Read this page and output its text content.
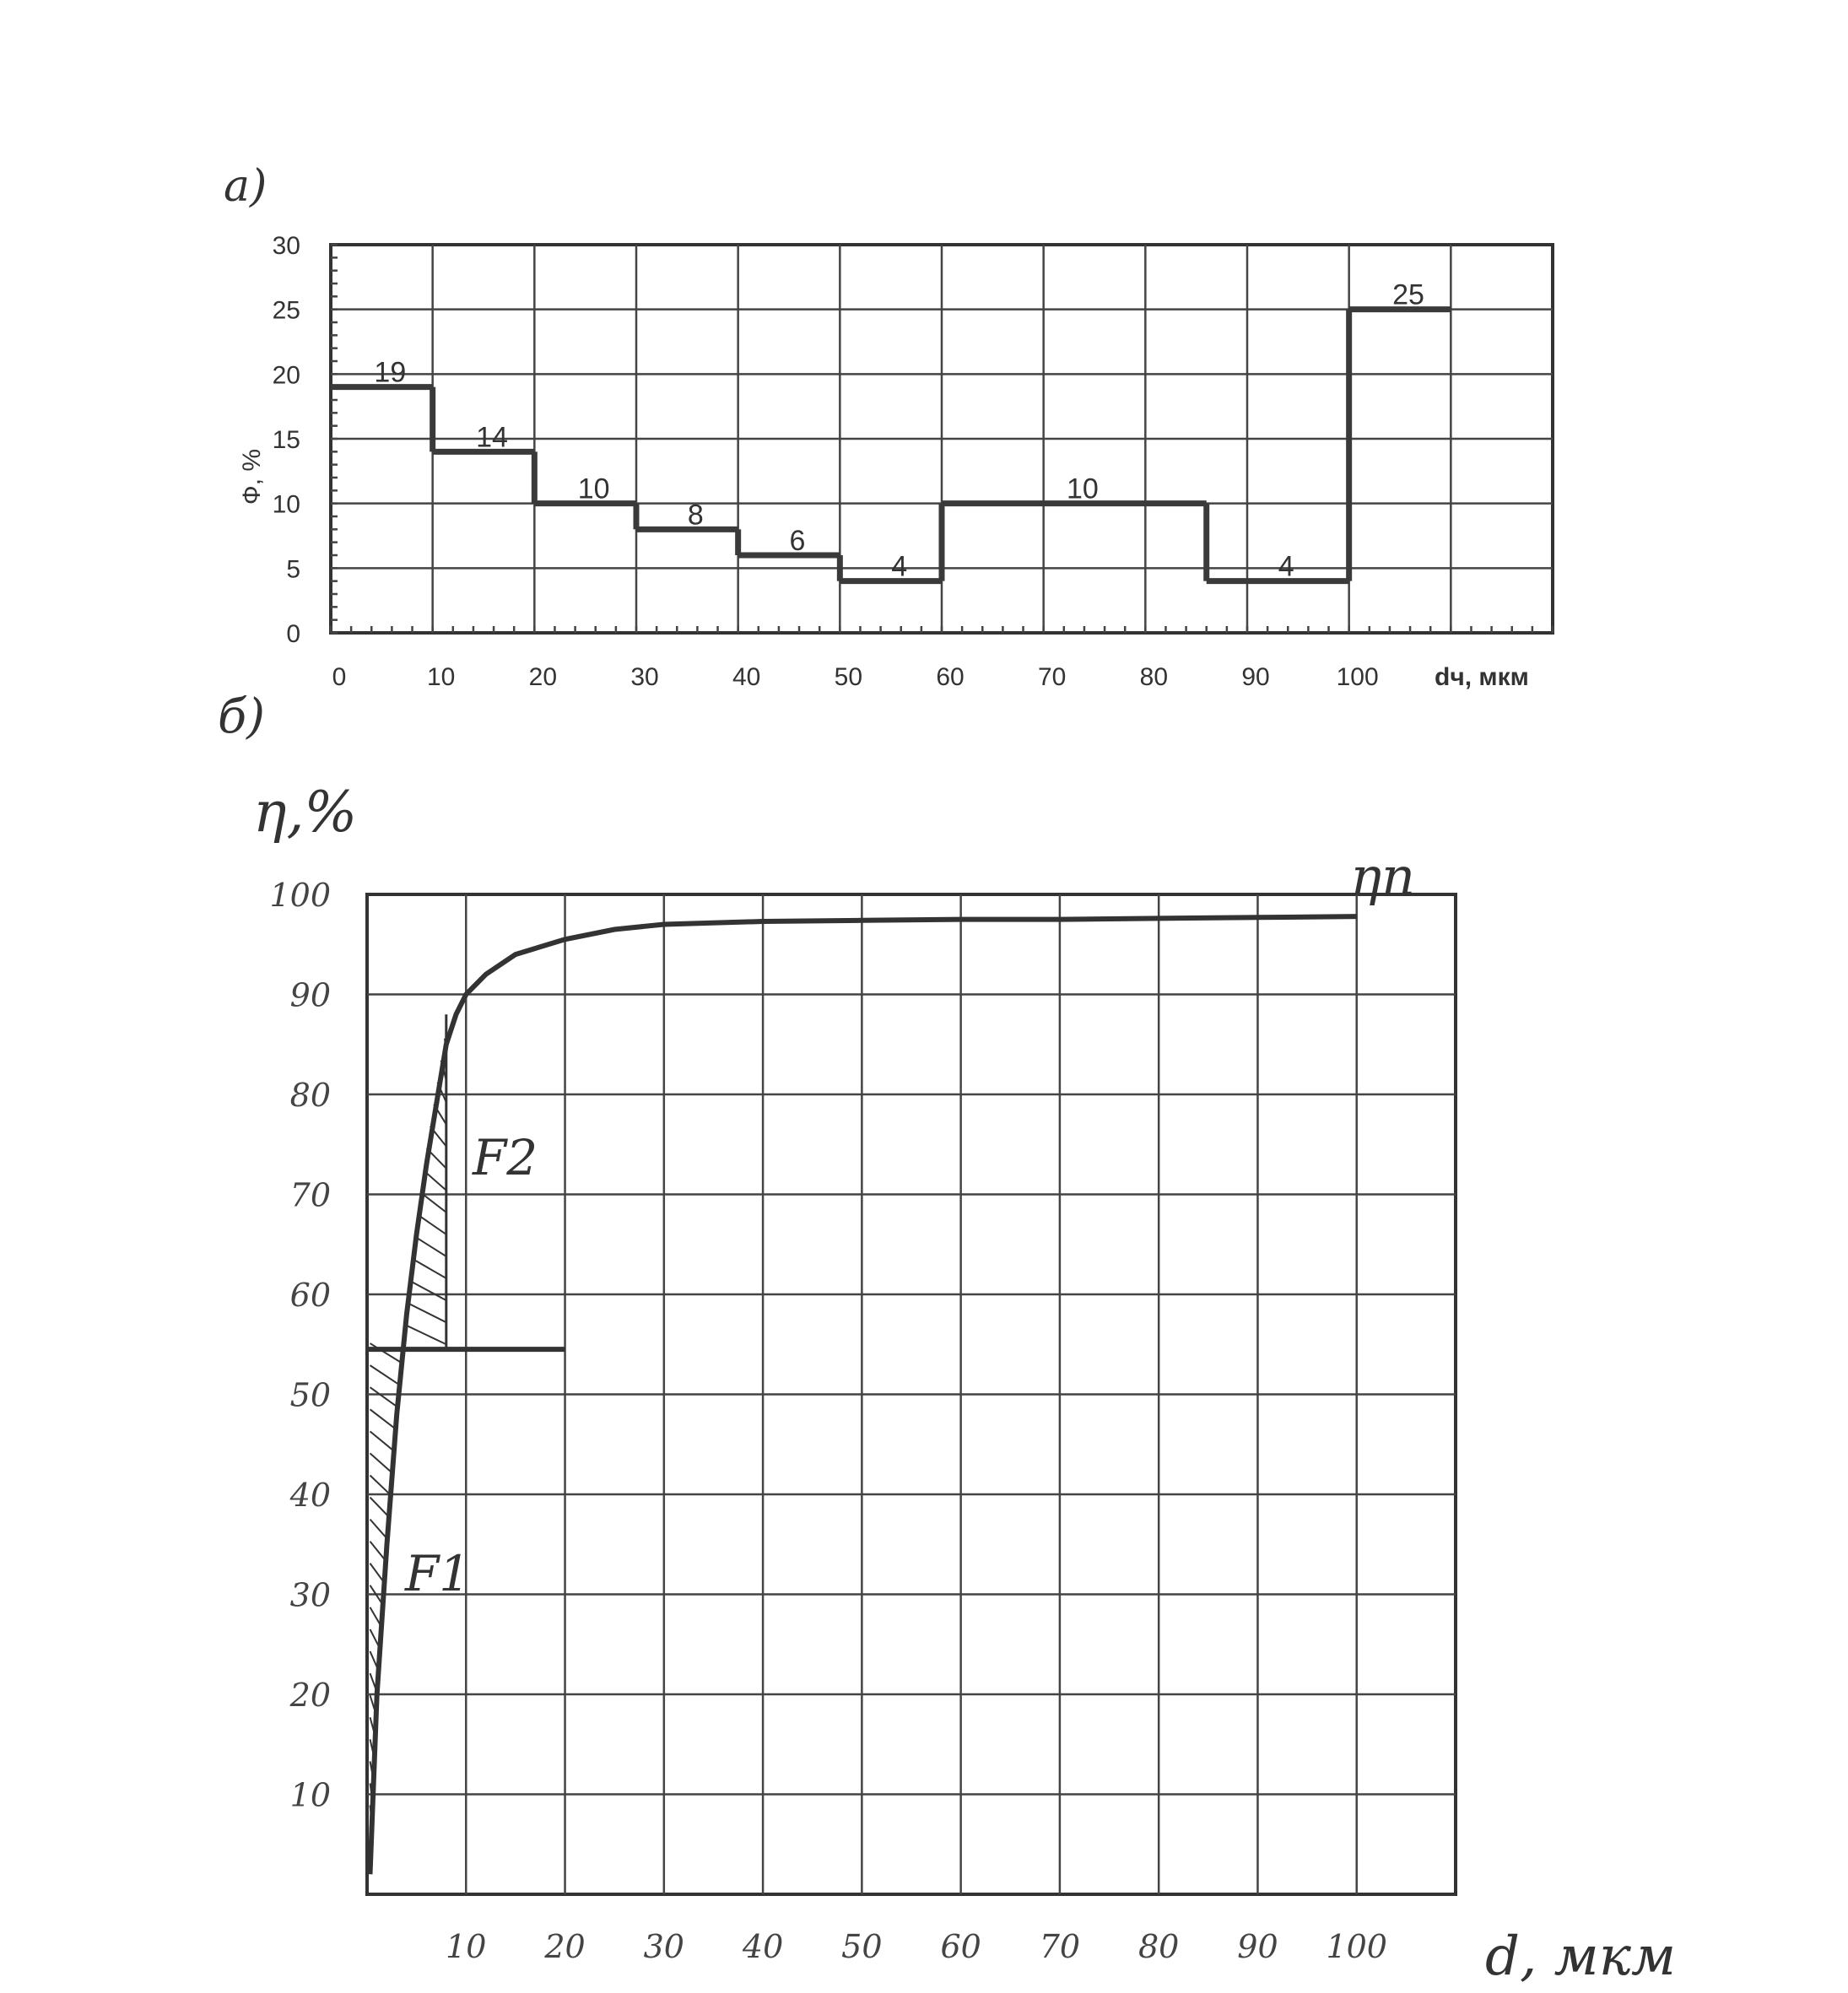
а)
0	10	20	30	40	50	60	70	80	90	100
0
5
10
15
20
25
30
Ф, %
dч, мкм
19
14
10
8
6
4
10
4
25
б)
η,%
d, мкм
10 20 30 40 50 60 70 80 90 100
10
20
30
40
50
60
70
80
90
100	ηп
F2
F1
